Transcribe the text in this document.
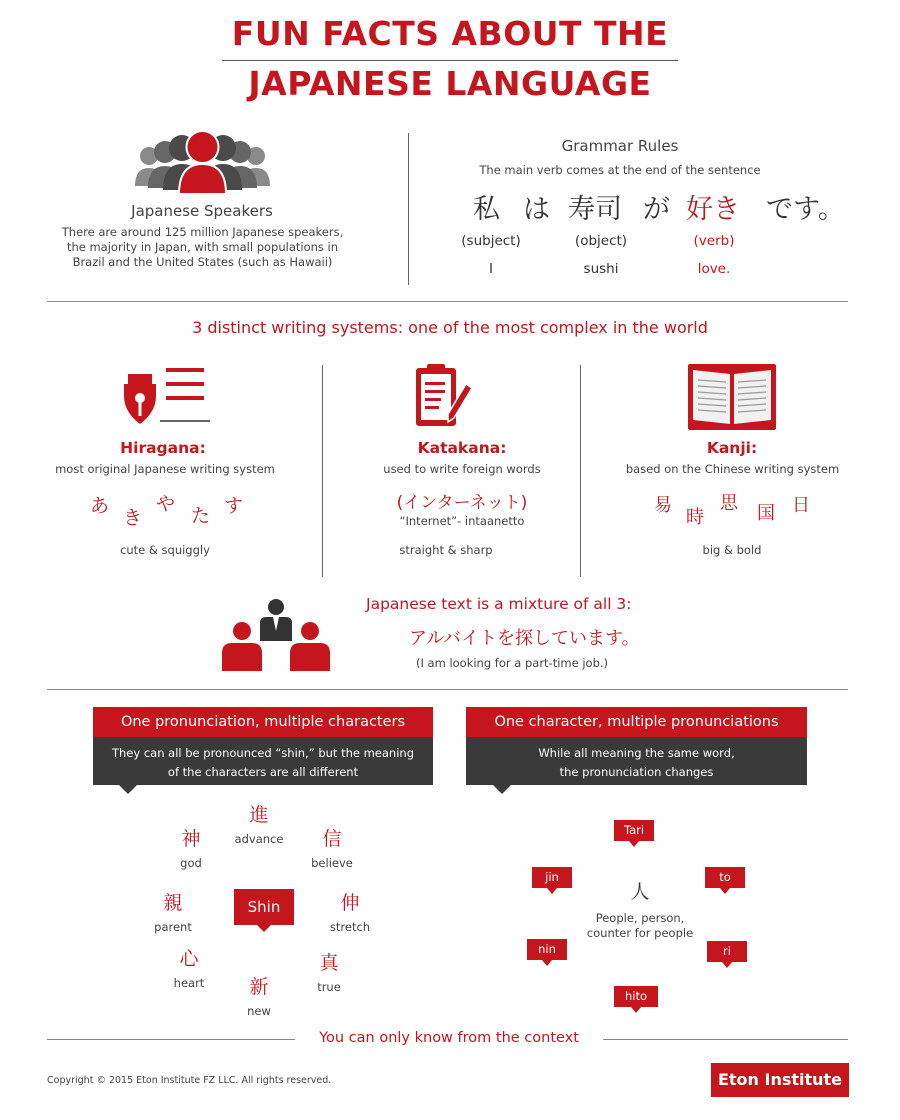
FUN FACTS ABOUT THE
JAPANESE LANGUAGE
Japanese Speakers
There are around 125 million Japanese speakers,
the majority in Japan, with small populations in
Brazil and the United States (such as Hawaii)
Grammar Rules
The main verb comes at the end of the sentence
私 は 寿司 が 好き です。
(subject)	(object)	(verb)
I	sushi	love.
3 distinct writing systems: one of the most complex in the world
Hiragana:
most original Japanese writing system
あ
き
や
た す
cute & squiggly
Katakana:
used to write foreign words
(インターネット)
“Internet”- intaanetto
straight & sharp
Kanji:
based on the Chinese writing system
易
時
思 国 日
big & bold
Japanese text is a mixture of all 3:
アルバイトを探しています。
(I am looking for a part-time job.)
One pronunciation, multiple characters
They can all be pronounced “shin,” but the meaning
of the characters are all different
進
advance
神
god
信
believe
親
parent
伸
stretch
心
heart
真
true
新
new
Shin
One character, multiple pronunciations
While all meaning the same word,
the pronunciation changes
人
People, person,
counter for people
Tari
jin	to
nin	ri
hito
You can only know from the context
Copyright © 2015 Eton Institute FZ LLC. All rights reserved.	Eton Institute
